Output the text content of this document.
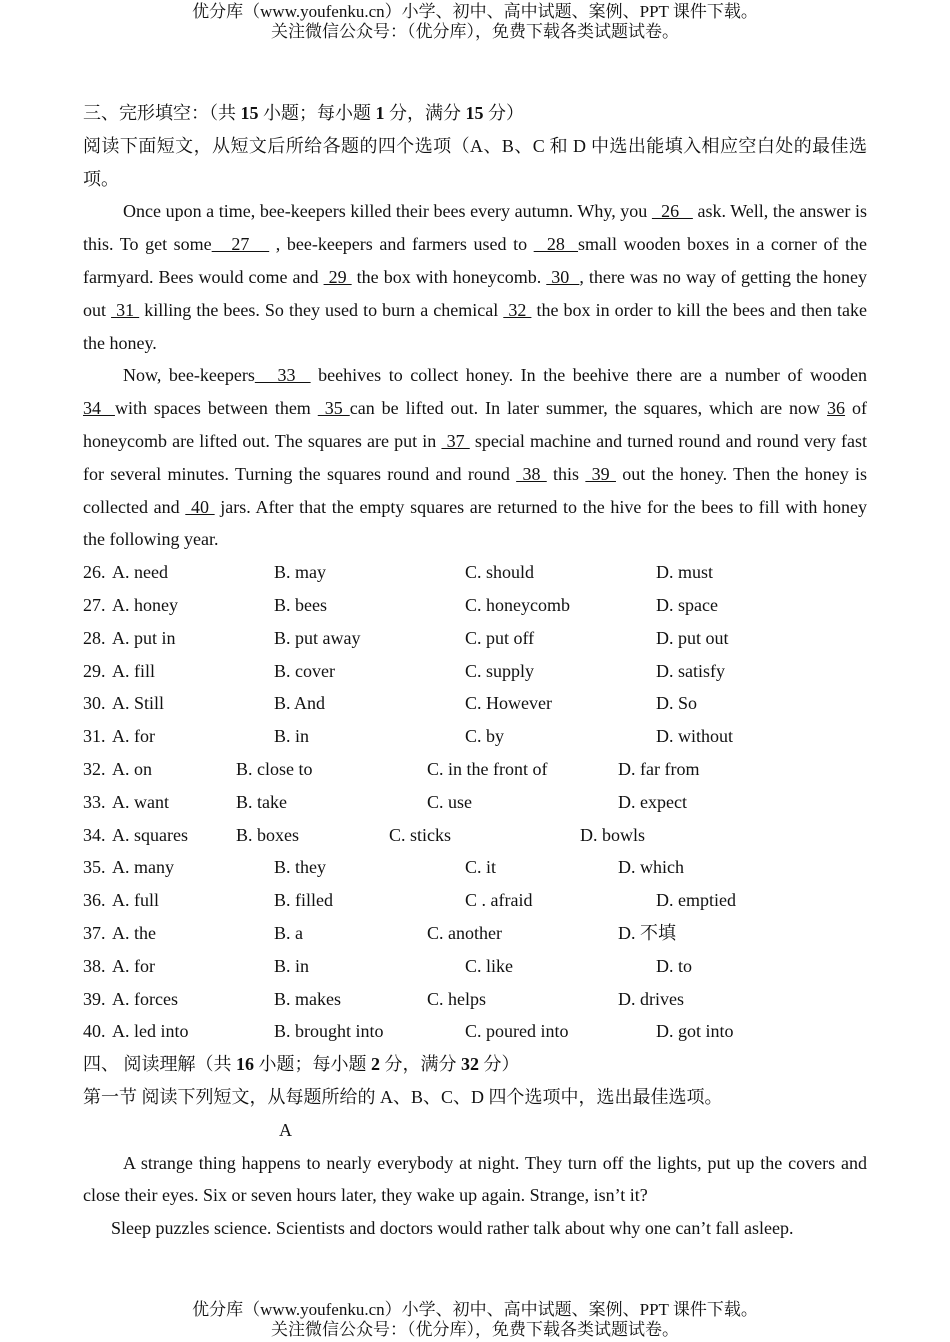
优分库（www.youfenku.cn）小学、初中、高中试题、案例、PPT 课件下载。
关注微信公众号：（优分库），免费下载各类试题试卷。
三、完形填空：（共 15 小题；每小题 1 分，满分 15 分）
阅读下面短文，从短文后所给各题的四个选项（A、B、C 和 D 中选出能填入相应空白处的最佳选项。
Once upon a time, bee-keepers killed their bees every autumn. Why, you   26    ask. Well, the answer is this. To get some   27    , bee-keepers and farmers used to   28  small wooden boxes in a corner of the farmyard. Bees would come and  29  the box with honeycomb.  30  , there was no way of getting the honey out  31  killing the bees. So they used to burn a chemical  32  the box in order to kill the bees and then take the honey.
Now, bee-keepers   33   beehives to collect honey. In the beehive there are a number of wooden 34  with spaces between them  35 can be lifted out. In later summer, the squares, which are now 36 of honeycomb are lifted out. The squares are put in  37  special machine and turned round and round very fast for several minutes. Turning the squares round and round  38  this  39  out the honey. Then the honey is collected and  40  jars. After that the empty squares are returned to the hive for the bees to fill with honey the following year.
26. A. need	B. may	C. should	D. must
27. A. honey	B. bees	C. honeycomb	D. space
28. A. put in	B. put away	C. put off	D. put out
29. A. fill	B. cover	C. supply	D. satisfy
30. A. Still	B. And	C. However	D. So
31. A. for	B. in	C. by	D. without
32. A. on	B. close to	C. in the front of	D. far from
33. A. want	B. take	C. use	D. expect
34. A. squares	B. boxes	C. sticks	D. bowls
35. A. many	B. they	C. it	D. which
36. A. full	B. filled	C . afraid	D. emptied
37. A. the	B. a	C. another	D. 不填
38. A. for	B. in	C. like	D. to
39. A. forces	B. makes	C. helps	D. drives
40. A. led into	B. brought into	C. poured into	D. got into
四、 阅读理解（共 16 小题；每小题 2 分，满分 32 分）
第一节 阅读下列短文，从每题所给的 A、B、C、D 四个选项中，选出最佳选项。
A
A strange thing happens to nearly everybody at night. They turn off the lights, put up the covers and close their eyes. Six or seven hours later, they wake up again. Strange, isn’t it?
Sleep puzzles science. Scientists and doctors would rather talk about why one can’t fall asleep.
优分库（www.youfenku.cn）小学、初中、高中试题、案例、PPT 课件下载。
关注微信公众号：（优分库），免费下载各类试题试卷。
